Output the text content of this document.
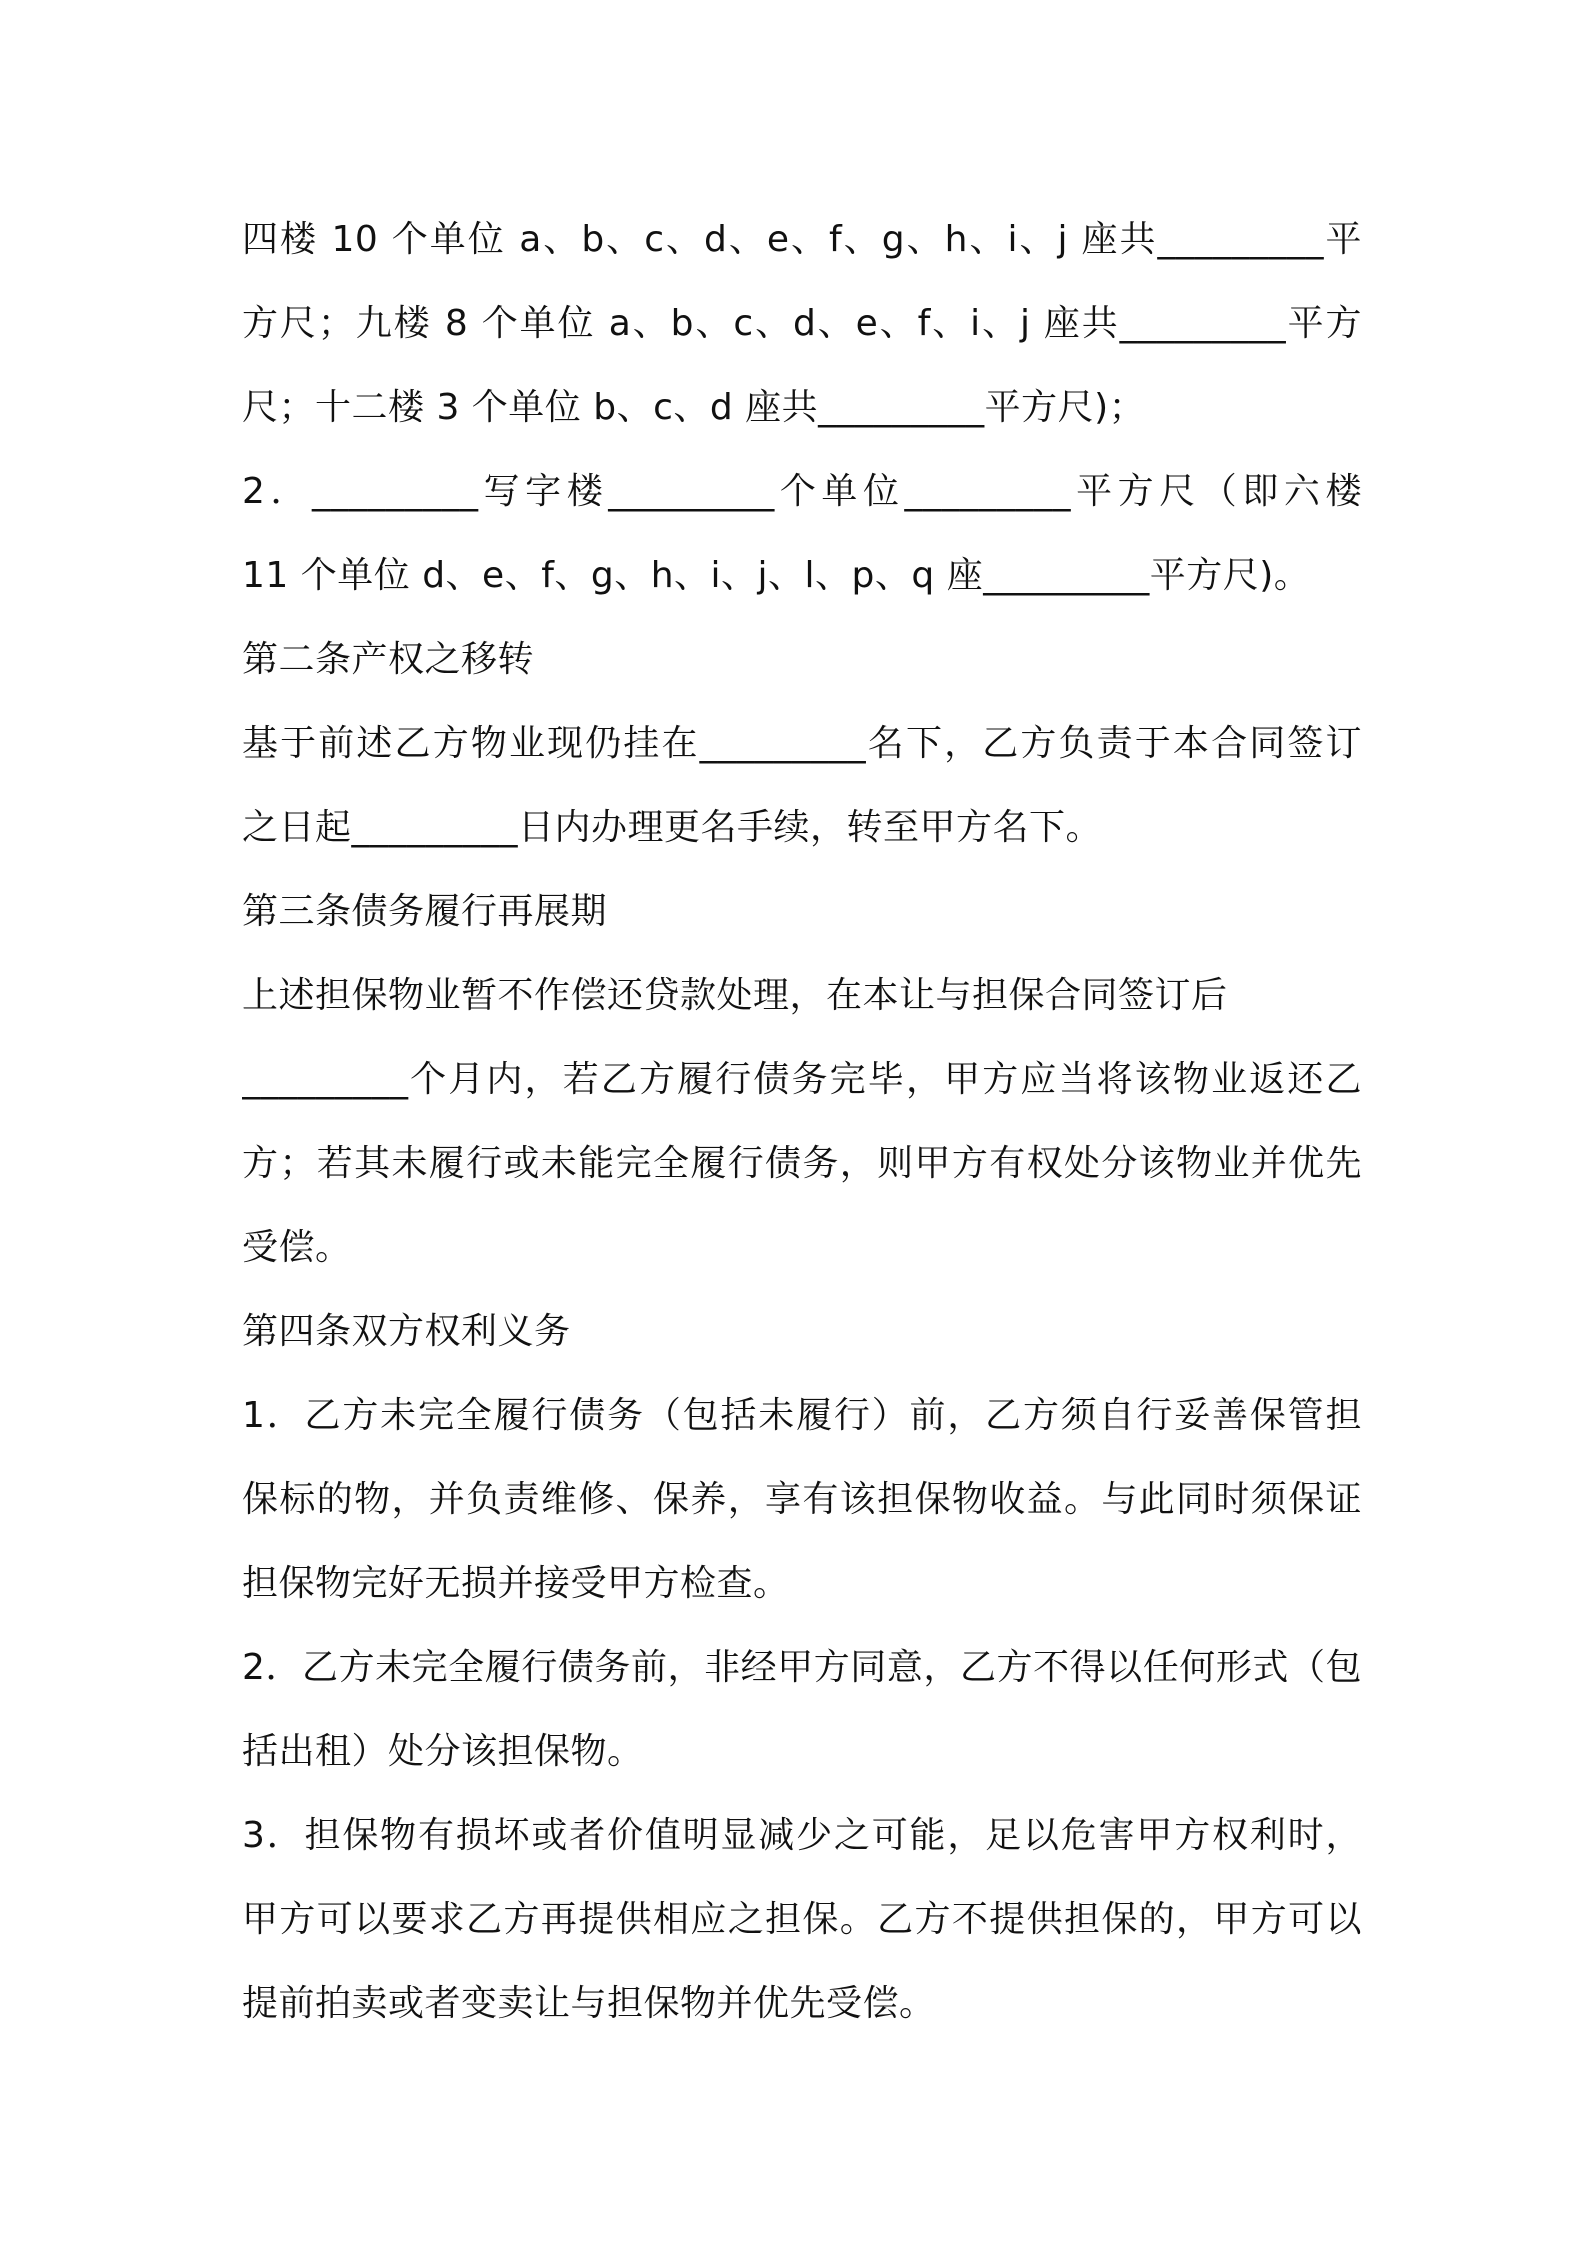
四楼 10 个单位 a、b、c、d、e、f、g、h、i、j 座共_________平
方尺；九楼 8 个单位 a、b、c、d、e、f、i、j 座共_________平方
尺；十二楼 3 个单位 b、c、d 座共_________平方尺)；
2．_________写字楼_________个单位_________平方尺（即六楼
11 个单位 d、e、f、g、h、i、j、l、p、q 座_________平方尺)。
第二条产权之移转
基于前述乙方物业现仍挂在_________名下，乙方负责于本合同签订
之日起_________日内办理更名手续，转至甲方名下。
第三条债务履行再展期
上述担保物业暂不作偿还贷款处理，在本让与担保合同签订后
_________个月内，若乙方履行债务完毕，甲方应当将该物业返还乙
方；若其未履行或未能完全履行债务，则甲方有权处分该物业并优先
受偿。
第四条双方权利义务
1．乙方未完全履行债务（包括未履行）前，乙方须自行妥善保管担
保标的物，并负责维修、保养，享有该担保物收益。与此同时须保证
担保物完好无损并接受甲方检查。
2．乙方未完全履行债务前，非经甲方同意，乙方不得以任何形式（包
括出租）处分该担保物。
3．担保物有损坏或者价值明显减少之可能，足以危害甲方权利时，
甲方可以要求乙方再提供相应之担保。乙方不提供担保的，甲方可以
提前拍卖或者变卖让与担保物并优先受偿。
